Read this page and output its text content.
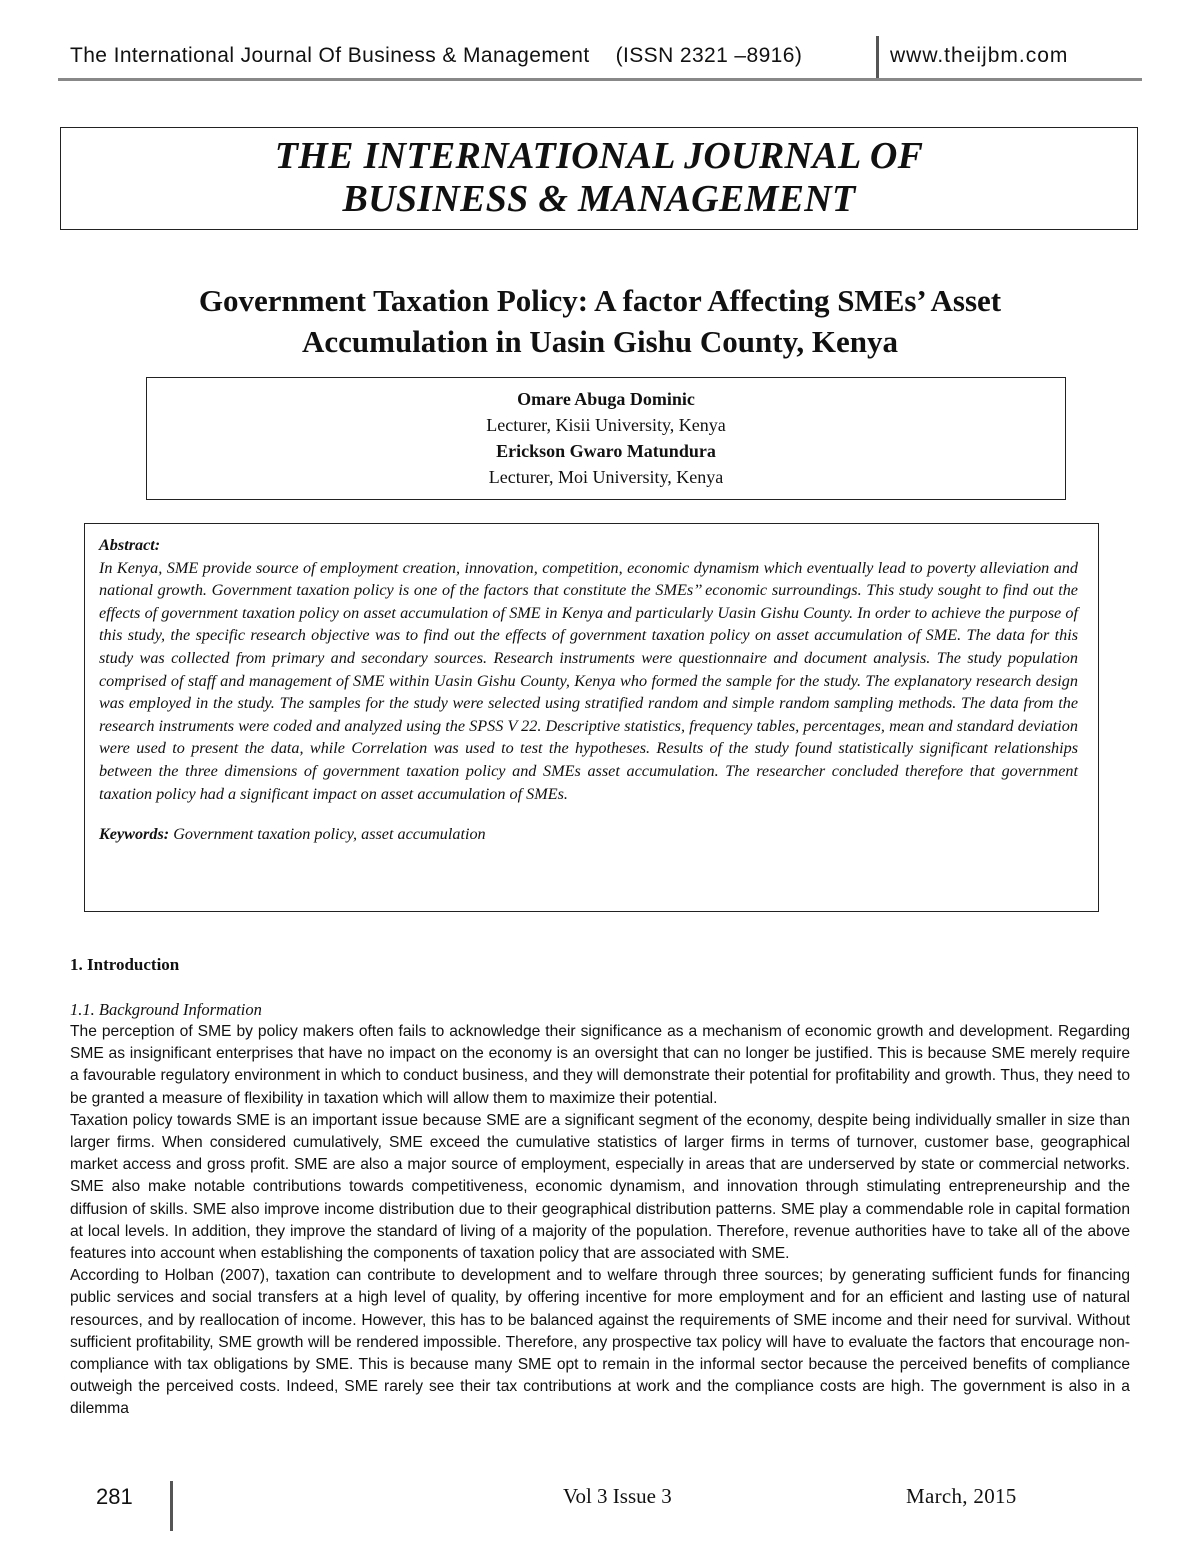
The International Journal Of Business & Management (ISSN 2321 –8916)	www.theijbm.com
THE INTERNATIONAL JOURNAL OF
BUSINESS & MANAGEMENT
Government Taxation Policy: A factor Affecting SMEs’ Asset
Accumulation in Uasin Gishu County, Kenya
Omare Abuga Dominic
Lecturer, Kisii University, Kenya
Erickson Gwaro Matundura
Lecturer, Moi University, Kenya
Abstract:
In Kenya, SME provide source of employment creation, innovation, competition, economic dynamism which eventually lead to poverty alleviation and national growth. Government taxation policy is one of the factors that constitute the SMEs’’ economic surroundings. This study sought to find out the effects of government taxation policy on asset accumulation of SME in Kenya and particularly Uasin Gishu County. In order to achieve the purpose of this study, the specific research objective was to find out the effects of government taxation policy on asset accumulation of SME. The data for this study was collected from primary and secondary sources. Research instruments were questionnaire and document analysis. The study population comprised of staff and management of SME within Uasin Gishu County, Kenya who formed the sample for the study. The explanatory research design was employed in the study. The samples for the study were selected using stratified random and simple random sampling methods. The data from the research instruments were coded and analyzed using the SPSS V 22. Descriptive statistics, frequency tables, percentages, mean and standard deviation were used to present the data, while Correlation was used to test the hypotheses. Results of the study found statistically significant relationships between the three dimensions of government taxation policy and SMEs asset accumulation. The researcher concluded therefore that government taxation policy had a significant impact on asset accumulation of SMEs.
Keywords: Government taxation policy, asset accumulation
1. Introduction
1.1. Background Information

The perception of SME by policy makers often fails to acknowledge their significance as a mechanism of economic growth and development. Regarding SME as insignificant enterprises that have no impact on the economy is an oversight that can no longer be justified. This is because SME merely require a favourable regulatory environment in which to conduct business, and they will demonstrate their potential for profitability and growth. Thus, they need to be granted a measure of flexibility in taxation which will allow them to maximize their potential.

Taxation policy towards SME is an important issue because SME are a significant segment of the economy, despite being individually smaller in size than larger firms. When considered cumulatively, SME exceed the cumulative statistics of larger firms in terms of turnover, customer base, geographical market access and gross profit. SME are also a major source of employment, especially in areas that are underserved by state or commercial networks. SME also make notable contributions towards competitiveness, economic dynamism, and innovation through stimulating entrepreneurship and the diffusion of skills. SME also improve income distribution due to their geographical distribution patterns. SME play a commendable role in capital formation at local levels. In addition, they improve the standard of living of a majority of the population. Therefore, revenue authorities have to take all of the above features into account when establishing the components of taxation policy that are associated with SME.

According to Holban (2007), taxation can contribute to development and to welfare through three sources; by generating sufficient funds for financing public services and social transfers at a high level of quality, by offering incentive for more employment and for an efficient and lasting use of natural resources, and by reallocation of income. However, this has to be balanced against the requirements of SME income and their need for survival. Without sufficient profitability, SME growth will be rendered impossible. Therefore, any prospective tax policy will have to evaluate the factors that encourage non-compliance with tax obligations by SME. This is because many SME opt to remain in the informal sector because the perceived benefits of compliance outweigh the perceived costs. Indeed, SME rarely see their tax contributions at work and the compliance costs are high. The government is also in a dilemma

281	Vol 3 Issue 3	March, 2015
